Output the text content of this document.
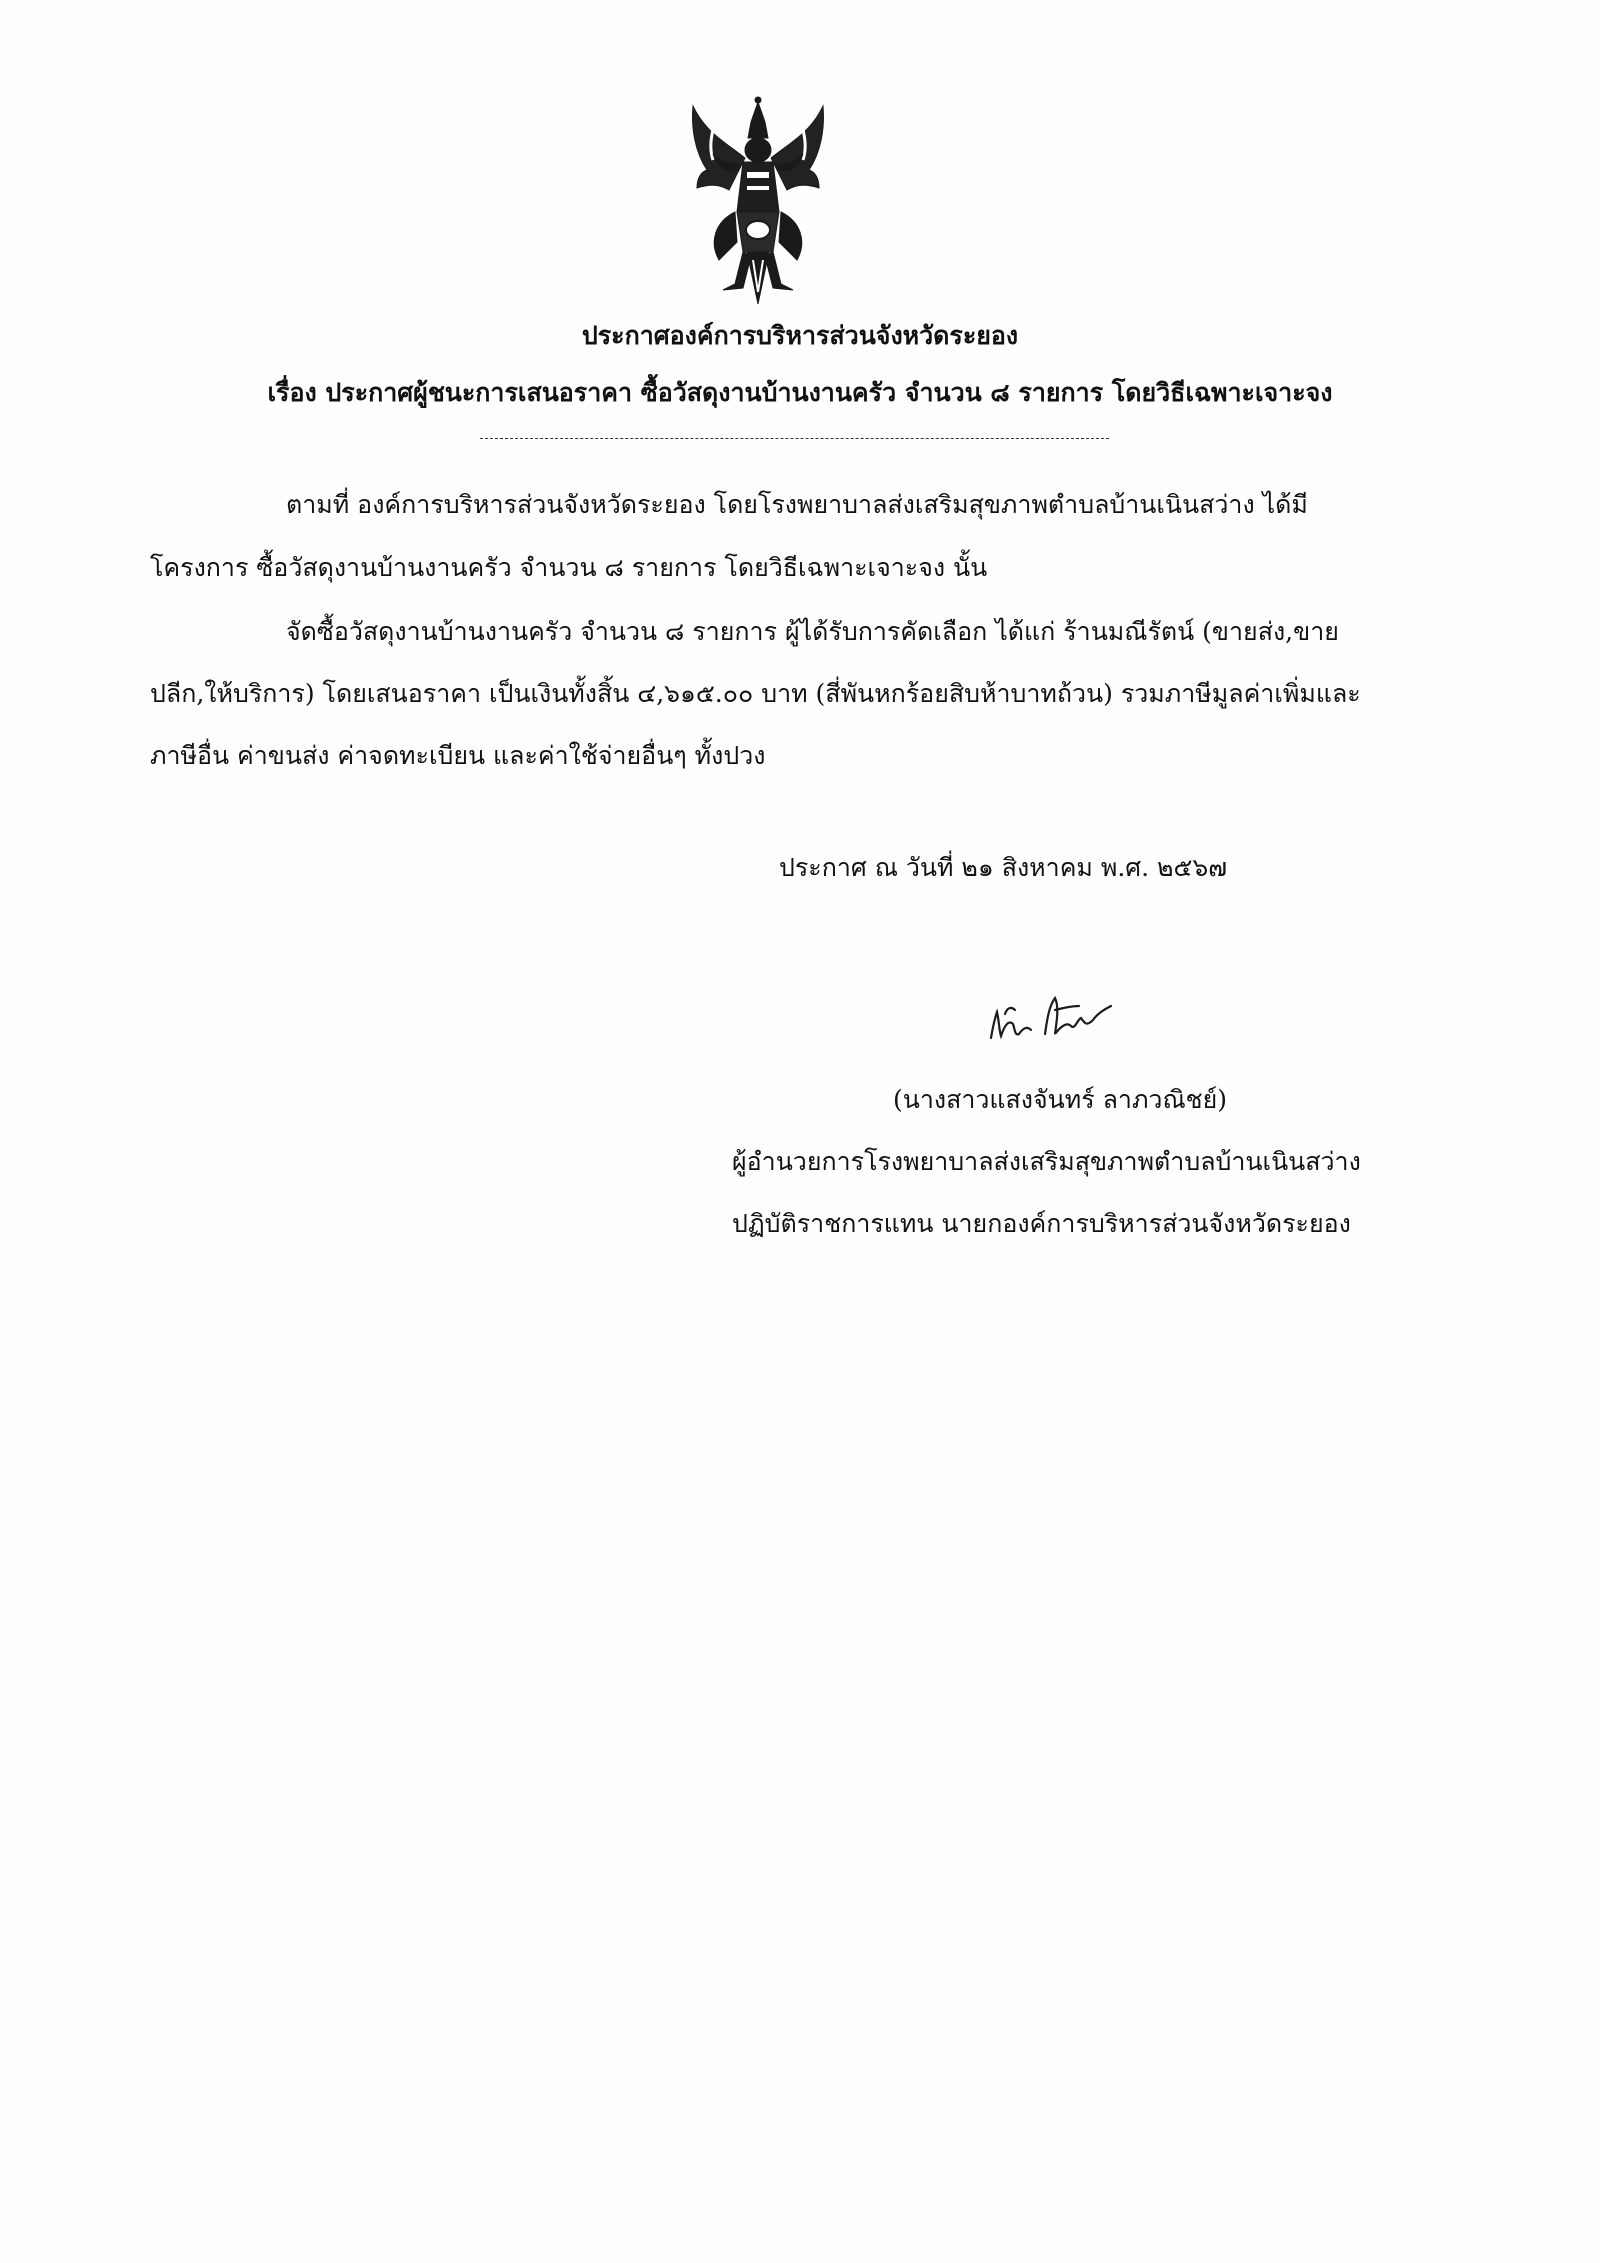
ประกาศองค์การบริหารส่วนจังหวัดระยอง
เรื่อง ประกาศผู้ชนะการเสนอราคา ซื้อวัสดุงานบ้านงานครัว จำนวน ๘ รายการ โดยวิธีเฉพาะเจาะจง
ตามที่ องค์การบริหารส่วนจังหวัดระยอง โดยโรงพยาบาลส่งเสริมสุขภาพตำบลบ้านเนินสว่าง ได้มี
โครงการ ซื้อวัสดุงานบ้านงานครัว จำนวน ๘ รายการ โดยวิธีเฉพาะเจาะจง นั้น
จัดซื้อวัสดุงานบ้านงานครัว จำนวน ๘ รายการ ผู้ได้รับการคัดเลือก ได้แก่ ร้านมณีรัตน์ (ขายส่ง,ขาย
ปลีก,ให้บริการ) โดยเสนอราคา เป็นเงินทั้งสิ้น ๔,๖๑๕.๐๐ บาท (สี่พันหกร้อยสิบห้าบาทถ้วน) รวมภาษีมูลค่าเพิ่มและ
ภาษีอื่น ค่าขนส่ง ค่าจดทะเบียน และค่าใช้จ่ายอื่นๆ ทั้งปวง
ประกาศ ณ วันที่ ๒๑ สิงหาคม พ.ศ. ๒๕๖๗
(นางสาวแสงจันทร์ ลาภวณิชย์)
ผู้อำนวยการโรงพยาบาลส่งเสริมสุขภาพตำบลบ้านเนินสว่าง
ปฏิบัติราชการแทน นายกองค์การบริหารส่วนจังหวัดระยอง
